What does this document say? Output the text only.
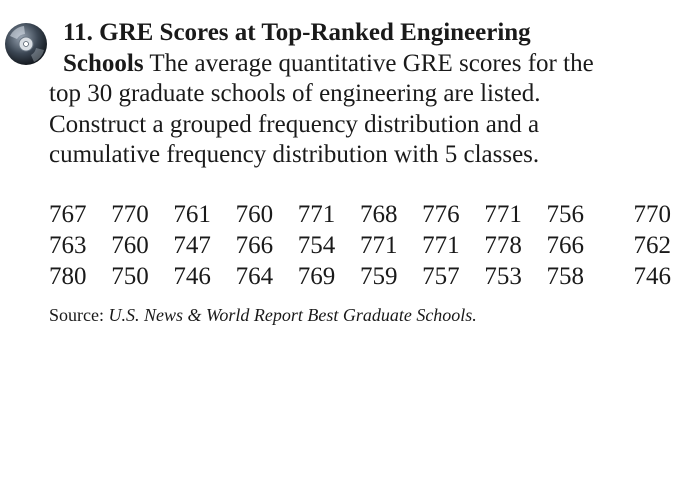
11. GRE Scores at Top-Ranked Engineering
Schools The average quantitative GRE scores for the
top 30 graduate schools of engineering are listed.
Construct a grouped frequency distribution and a
cumulative frequency distribution with 5 classes.
767	770	761	760	771	768	776	771	756	770
763	760	747	766	754	771	771	778	766	762
780	750	746	764	769	759	757	753	758	746
Source: U.S. News & World Report Best Graduate Schools.
